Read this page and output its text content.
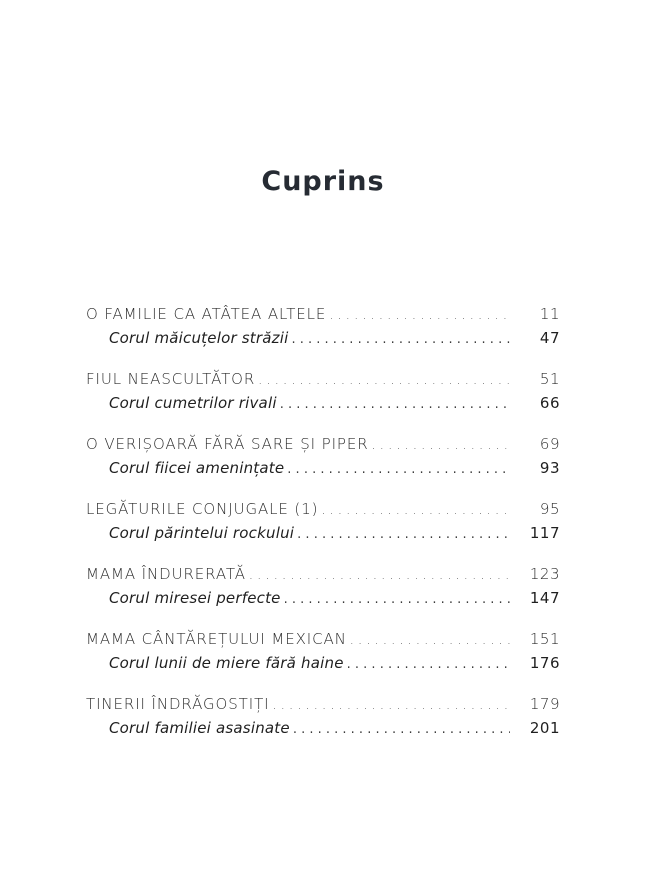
Cuprins
O FAMILIE CA ATÂTEA ALTELE . . .	11
Corul măicuțelor străzii . . .	47
FIUL NEASCULTĂTOR . . .	51
Corul cumetrilor rivali . . .	66
O VERIȘOARĂ FĂRĂ SARE ȘI PIPER . . .	69
Corul fiicei amenințate . . .	93
LEGĂTURILE CONJUGALE (1) . . .	95
Corul părintelui rockului . . .	117
MAMA ÎNDURERATĂ . . .	123
Corul miresei perfecte . . .	147
MAMA CÂNTĂREȚULUI MEXICAN . . .	151
Corul lunii de miere fără haine . . .	176
TINERII ÎNDRĂGOSTIȚI . . .	179
Corul familiei asasinate . . .	201
